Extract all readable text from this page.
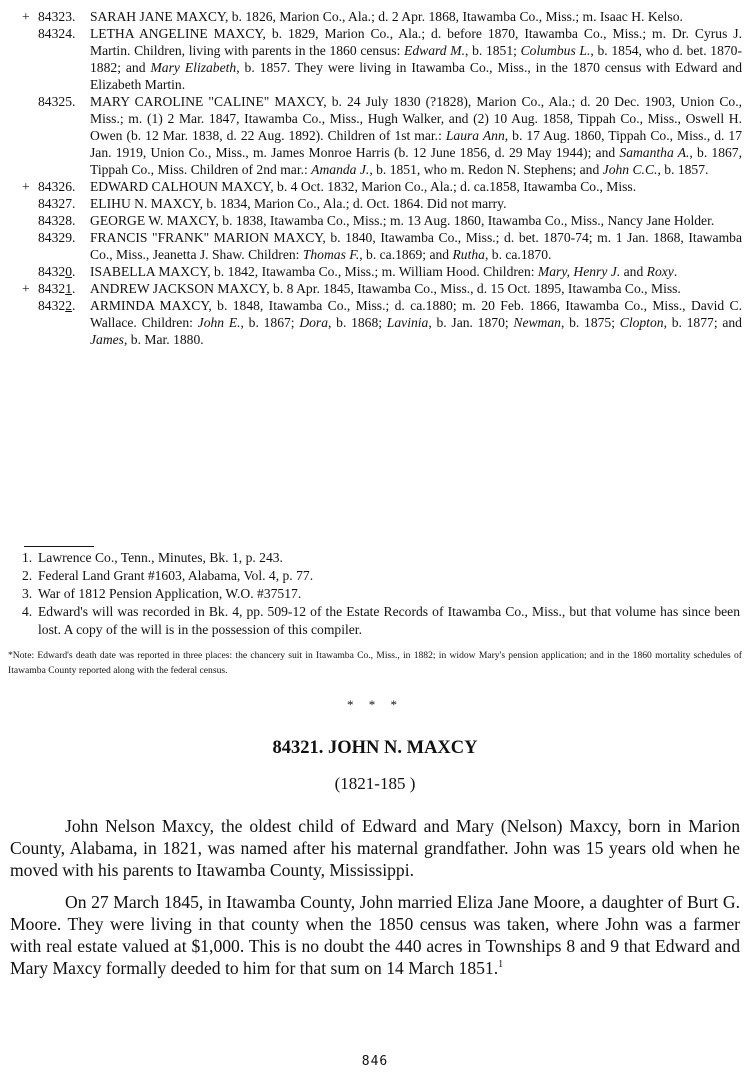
+ 84323.	SARAH JANE MAXCY, b. 1826, Marion Co., Ala.; d. 2 Apr. 1868, Itawamba Co., Miss.; m. Isaac H. Kelso.

84324.	LETHA ANGELINE MAXCY, b. 1829, Marion Co., Ala.; d. before 1870, Itawamba Co., Miss.; m. Dr. Cyrus J. Martin. Children, living with parents in the 1860 census: Edward M., b. 1851; Columbus L., b. 1854, who d. bet. 1870-1882; and Mary Elizabeth, b. 1857. They were living in Itawamba Co., Miss., in the 1870 census with Edward and Elizabeth Martin.

84325.	MARY CAROLINE "CALINE" MAXCY, b. 24 July 1830 (?1828), Marion Co., Ala.; d. 20 Dec. 1903, Union Co., Miss.; m. (1) 2 Mar. 1847, Itawamba Co., Miss., Hugh Walker, and (2) 10 Aug. 1858, Tippah Co., Miss., Oswell H. Owen (b. 12 Mar. 1838, d. 22 Aug. 1892). Children of 1st mar.: Laura Ann, b. 17 Aug. 1860, Tippah Co., Miss., d. 17 Jan. 1919, Union Co., Miss., m. James Monroe Harris (b. 12 June 1856, d. 29 May 1944); and Samantha A., b. 1867, Tippah Co., Miss. Children of 2nd mar.: Amanda J., b. 1851, who m. Redon N. Stephens; and John C.C., b. 1857.

+ 84326.	EDWARD CALHOUN MAXCY, b. 4 Oct. 1832, Marion Co., Ala.; d. ca.1858, Itawamba Co., Miss.

84327.	ELIHU N. MAXCY, b. 1834, Marion Co., Ala.; d. Oct. 1864. Did not marry.

84328.	GEORGE W. MAXCY, b. 1838, Itawamba Co., Miss.; m. 13 Aug. 1860, Itawamba Co., Miss., Nancy Jane Holder.

84329.	FRANCIS "FRANK" MARION MAXCY, b. 1840, Itawamba Co., Miss.; d. bet. 1870-74; m. 1 Jan. 1868, Itawamba Co., Miss., Jeanetta J. Shaw. Children: Thomas F., b. ca.1869; and Rutha, b. ca.1870.

84320.	ISABELLA MAXCY, b. 1842, Itawamba Co., Miss.; m. William Hood. Children: Mary, Henry J. and Roxy.

+ 84321.	ANDREW JACKSON MAXCY, b. 8 Apr. 1845, Itawamba Co., Miss., d. 15 Oct. 1895, Itawamba Co., Miss.

84322.	ARMINDA MAXCY, b. 1848, Itawamba Co., Miss.; d. ca.1880; m. 20 Feb. 1866, Itawamba Co., Miss., David C. Wallace. Children: John E., b. 1867; Dora, b. 1868; Lavinia, b. Jan. 1870; Newman, b. 1875; Clopton, b. 1877; and James, b. Mar. 1880.

1. Lawrence Co., Tenn., Minutes, Bk. 1, p. 243.

2. Federal Land Grant #1603, Alabama, Vol. 4, p. 77.

3. War of 1812 Pension Application, W.O. #37517.

4. Edward's will was recorded in Bk. 4, pp. 509-12 of the Estate Records of Itawamba Co., Miss., but that volume has since been lost. A copy of the will is in the possession of this compiler.

*Note: Edward's death date was reported in three places: the chancery suit in Itawamba Co., Miss., in 1882; in widow Mary's pension application; and in the 1860 mortality schedules of Itawamba County reported along with the federal census.

* * *
84321. JOHN N. MAXCY
(1821-185 )

John Nelson Maxcy, the oldest child of Edward and Mary (Nelson) Maxcy, born in Marion County, Alabama, in 1821, was named after his maternal grandfather. John was 15 years old when he moved with his parents to Itawamba County, Mississippi.

On 27 March 1845, in Itawamba County, John married Eliza Jane Moore, a daughter of Burt G. Moore. They were living in that county when the 1850 census was taken, where John was a farmer with real estate valued at $1,000. This is no doubt the 440 acres in Townships 8 and 9 that Edward and Mary Maxcy formally deeded to him for that sum on 14 March 1851.$^1$

846
